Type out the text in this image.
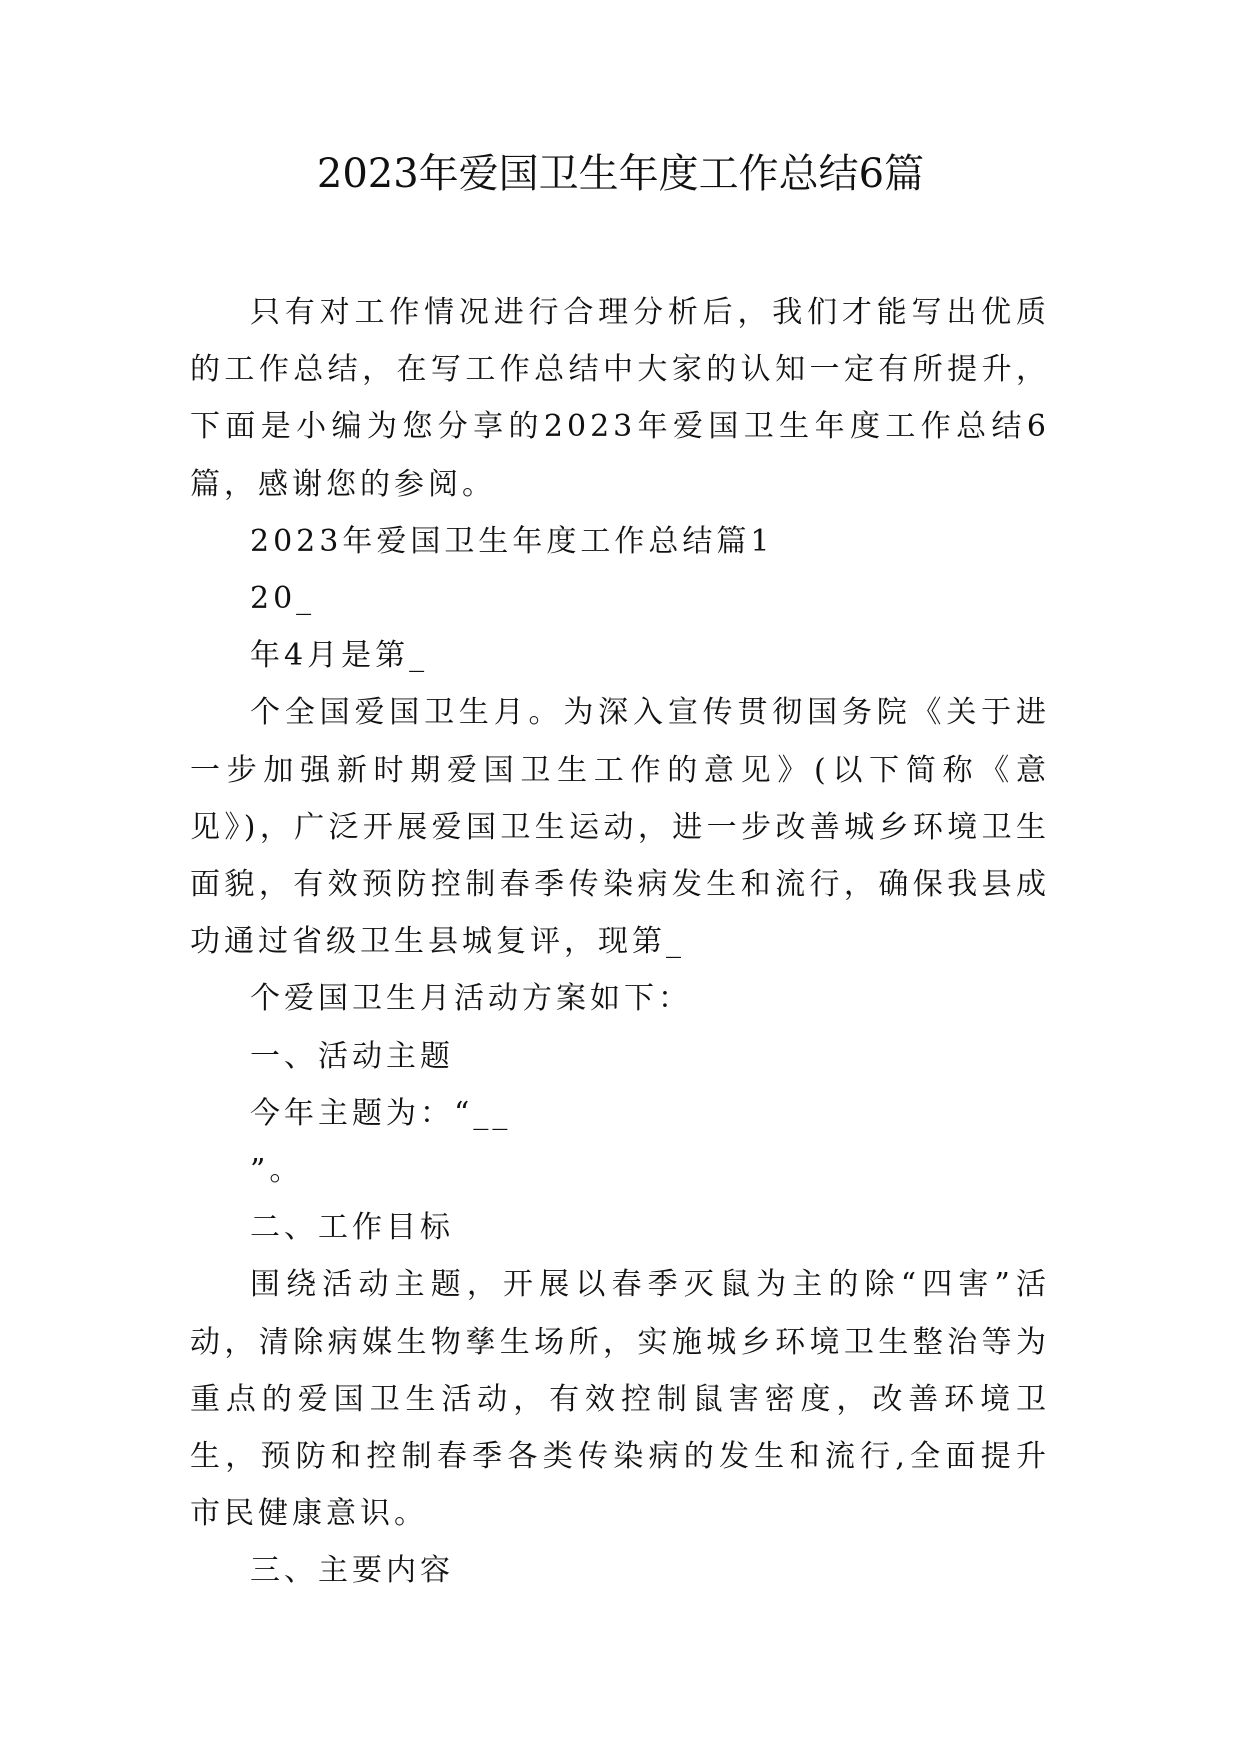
2023年爱国卫生年度工作总结6篇

只有对工作情况进行合理分析后，我们才能写出优质的工作总结，在写工作总结中大家的认知一定有所提升，下面是小编为您分享的2023年爱国卫生年度工作总结6篇，感谢您的参阅。

2023年爱国卫生年度工作总结篇1

20_

年4月是第_

个全国爱国卫生月。为深入宣传贯彻国务院《关于进一步加强新时期爱国卫生工作的意见》(以下简称《意见》)，广泛开展爱国卫生运动，进一步改善城乡环境卫生面貌，有效预防控制春季传染病发生和流行，确保我县成功通过省级卫生县城复评，现第_

个爱国卫生月活动方案如下：

一、活动主题

今年主题为：“__

”。

二、工作目标

围绕活动主题，开展以春季灭鼠为主的除“四害”活动，清除病媒生物孳生场所，实施城乡环境卫生整治等为重点的爱国卫生活动，有效控制鼠害密度，改善环境卫生，预防和控制春季各类传染病的发生和流行,全面提升市民健康意识。

三、主要内容
